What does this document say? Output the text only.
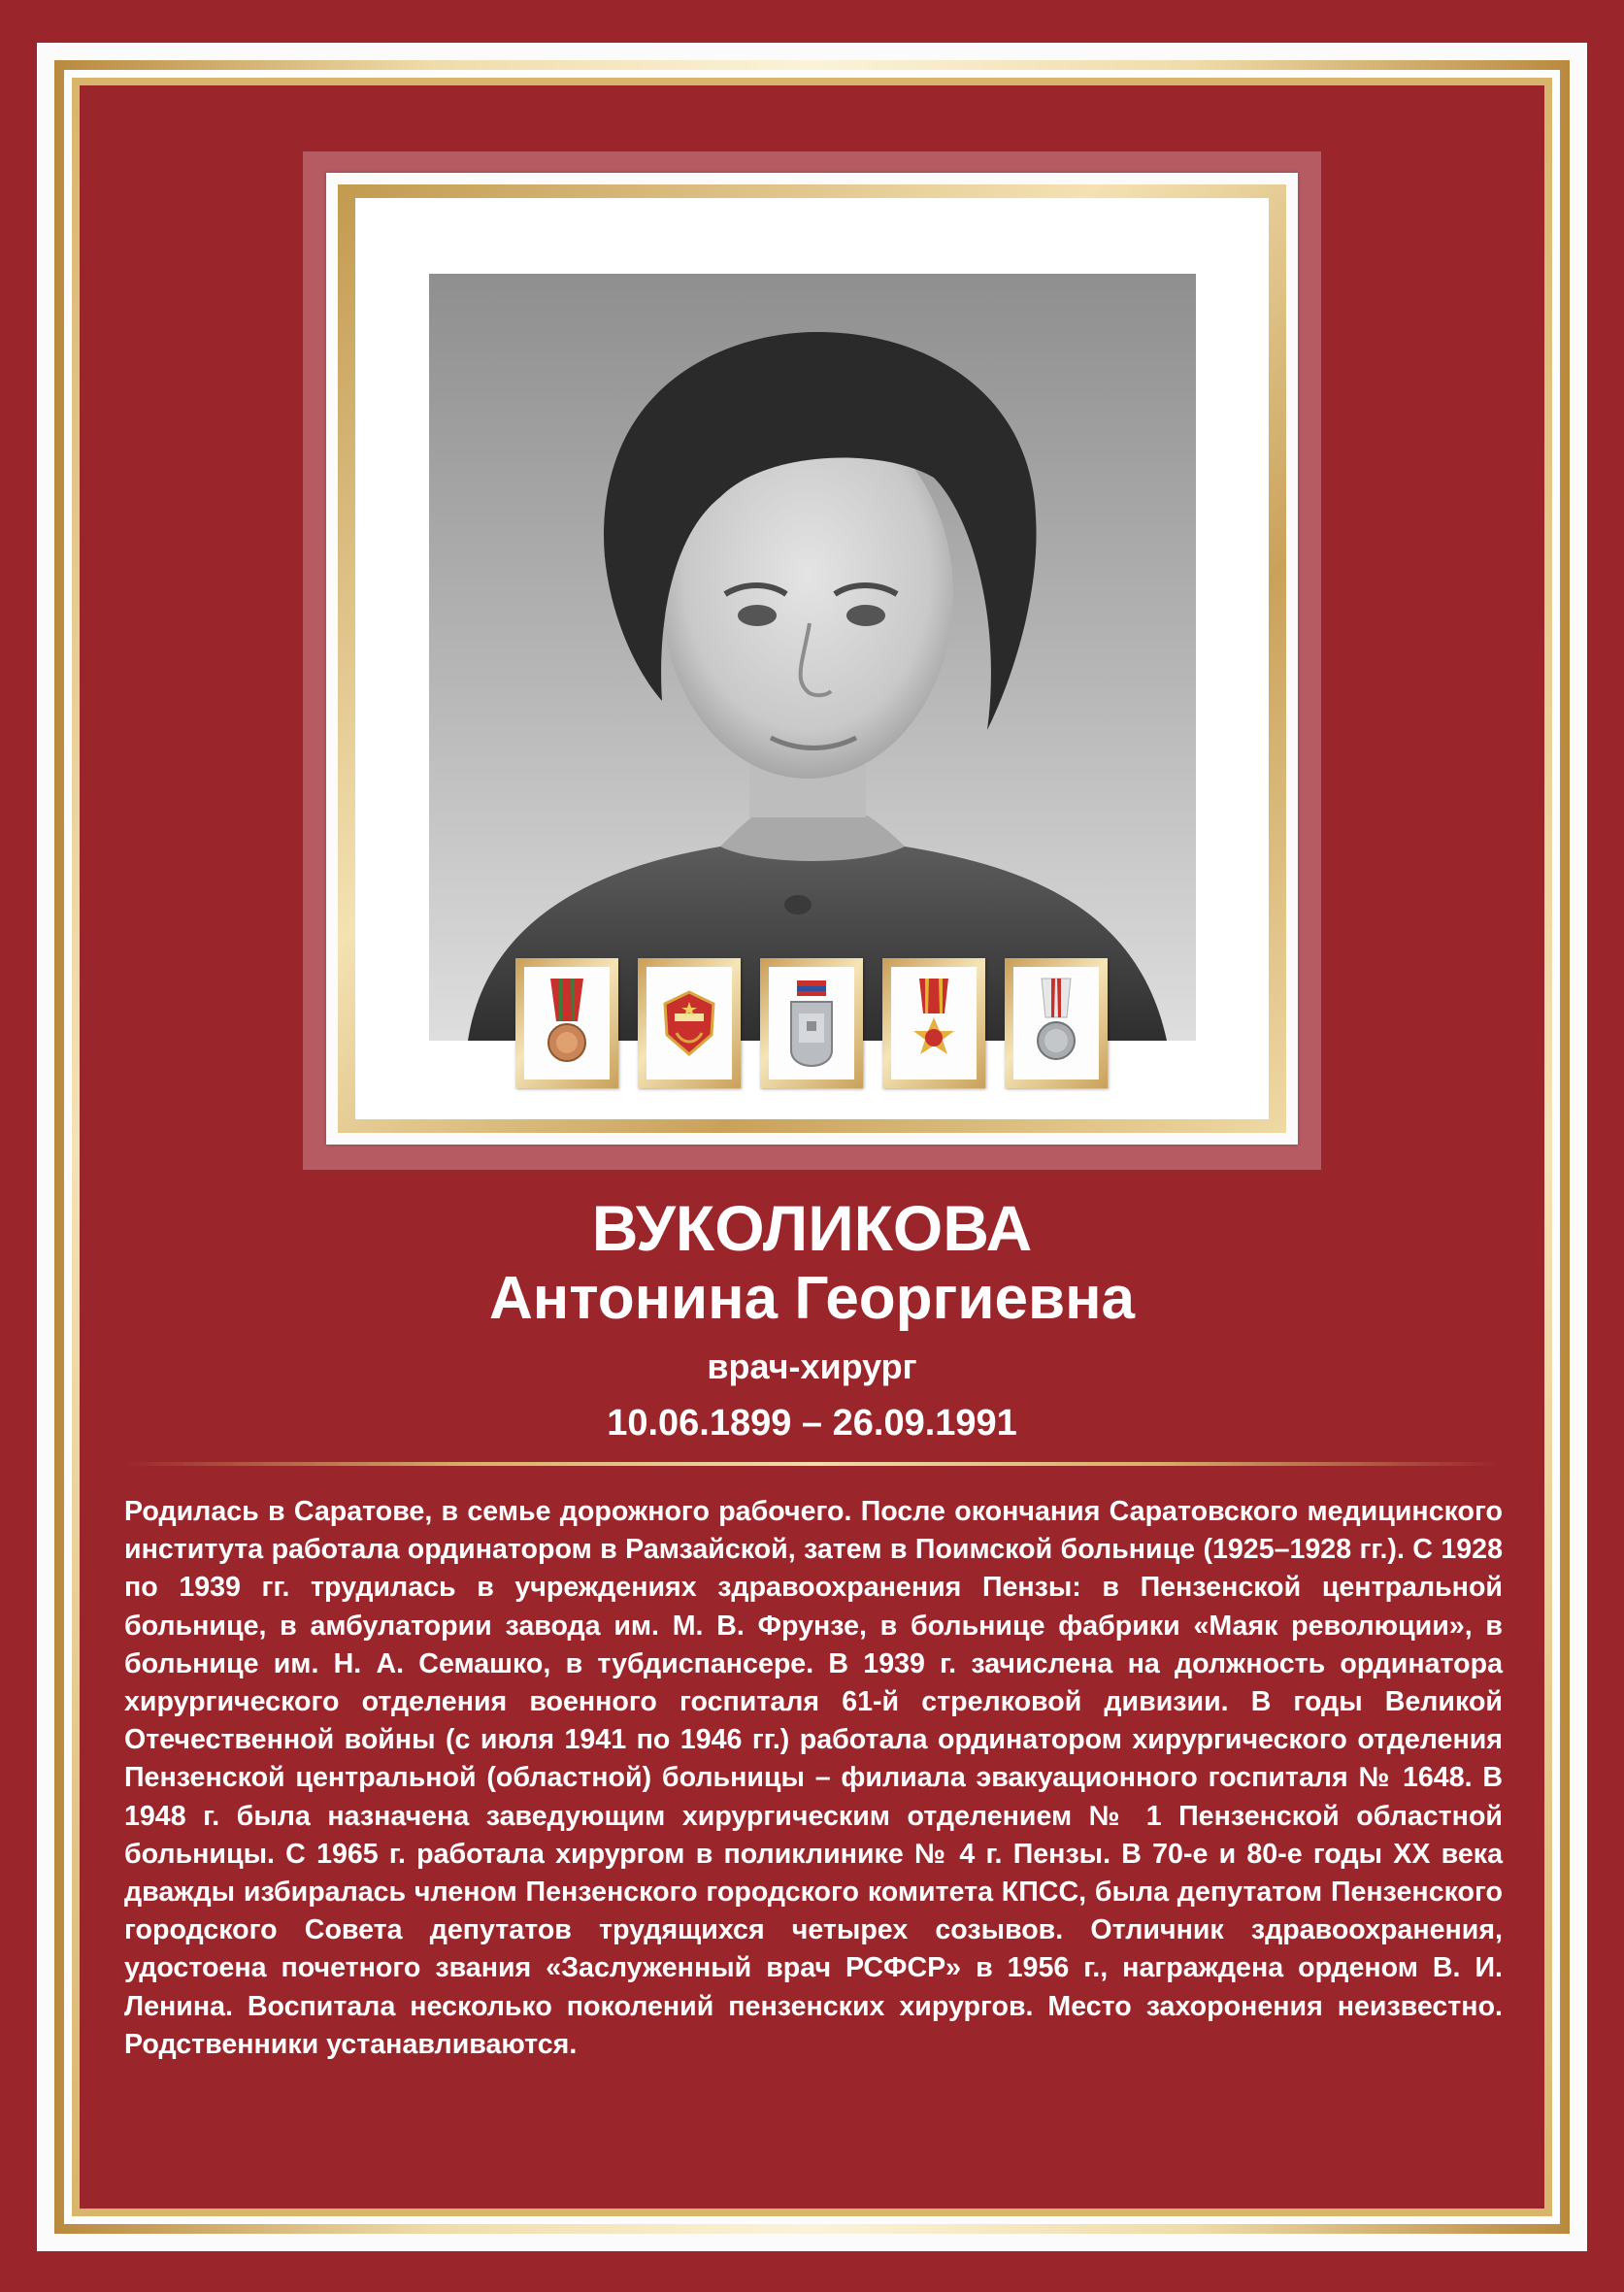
ВУКОЛИКОВА
Антонина Георгиевна
врач-хирург
10.06.1899 – 26.09.1991

Родилась в Саратове, в семье дорожного рабочего. После окончания Саратовского медицинского института работала ординатором в Рамзайской, затем в Поимской больнице (1925–1928 гг.). С 1928 по 1939 гг. трудилась в учреждениях здравоохранения Пензы: в Пензенской центральной больнице, в амбулатории завода им. М. В. Фрунзе, в больнице фабрики «Маяк революции», в больнице им. Н. А. Семашко, в тубдиспансере. В 1939 г. зачислена на должность ординатора хирургического отделения военного госпиталя 61-й стрелковой дивизии. В годы Великой Отечественной войны (с июля 1941 по 1946 гг.) работала ординатором хирургического отделения Пензенской центральной (областной) больницы – филиала эвакуационного госпиталя № 1648. В 1948 г. была назначена заведующим хирургическим отделением № 1 Пензенской областной больницы. С 1965 г. работала хирургом в поликлинике № 4 г. Пензы. В 70-е и 80-е годы XX века дважды избиралась членом Пензенского городского комитета КПСС, была депутатом Пензенского городского Совета депутатов трудящихся четырех созывов. Отличник здравоохранения, удостоена почетного звания «Заслуженный врач РСФСР» в 1956 г., награждена орденом В. И. Ленина. Воспитала несколько поколений пензенских хирургов. Место захоронения неизвестно. Родственники устанавливаются.
